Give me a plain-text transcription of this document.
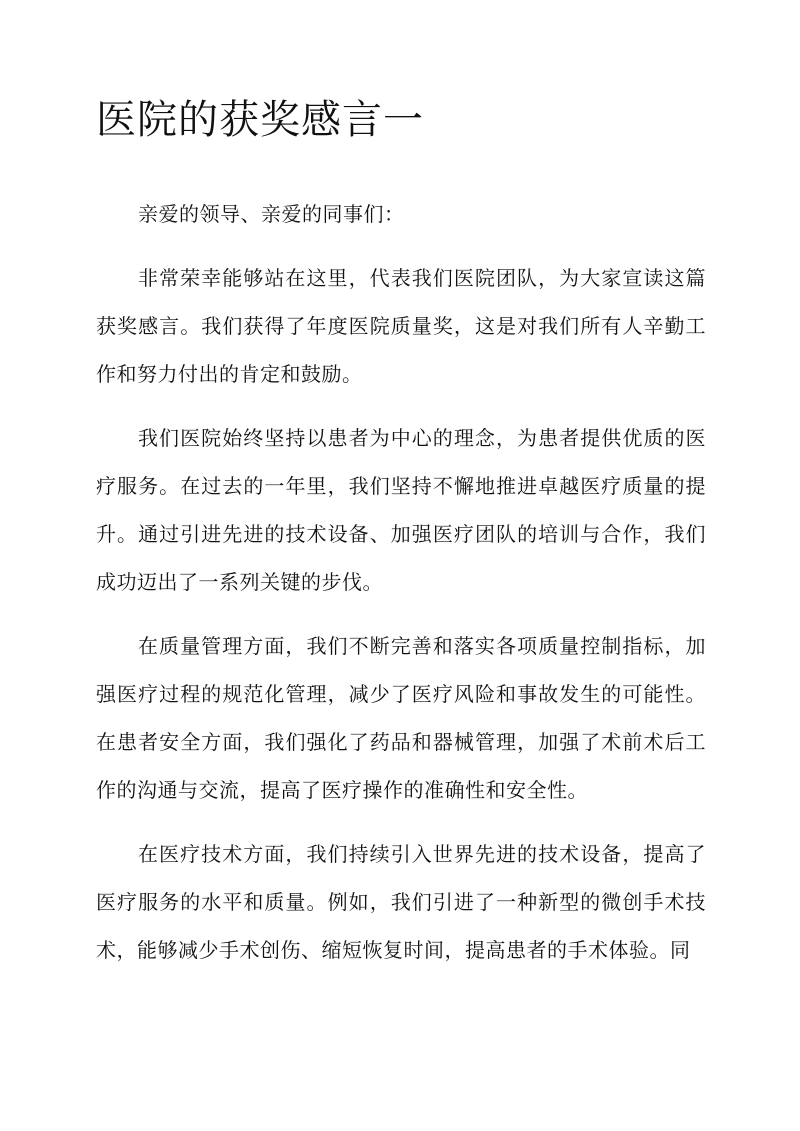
医院的获奖感言一

亲爱的领导、亲爱的同事们：

非常荣幸能够站在这里，代表我们医院团队，为大家宣读这篇获奖感言。我们获得了年度医院质量奖，这是对我们所有人辛勤工作和努力付出的肯定和鼓励。

我们医院始终坚持以患者为中心的理念，为患者提供优质的医疗服务。在过去的一年里，我们坚持不懈地推进卓越医疗质量的提升。通过引进先进的技术设备、加强医疗团队的培训与合作，我们成功迈出了一系列关键的步伐。

在质量管理方面，我们不断完善和落实各项质量控制指标，加强医疗过程的规范化管理，减少了医疗风险和事故发生的可能性。在患者安全方面，我们强化了药品和器械管理，加强了术前术后工作的沟通与交流，提高了医疗操作的准确性和安全性。

在医疗技术方面，我们持续引入世界先进的技术设备，提高了医疗服务的水平和质量。例如，我们引进了一种新型的微创手术技术，能够减少手术创伤、缩短恢复时间，提高患者的手术体验。同
